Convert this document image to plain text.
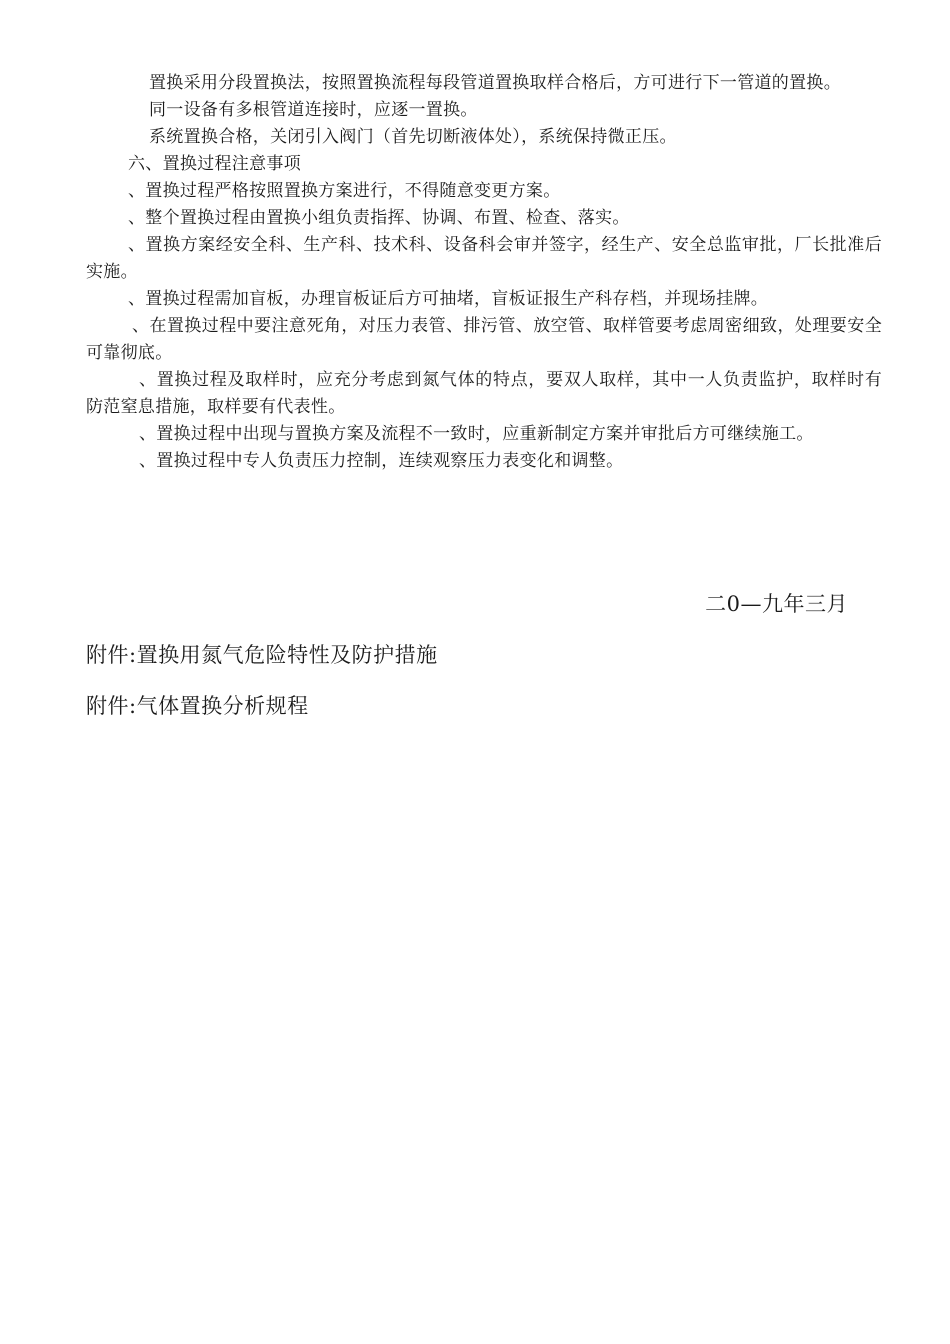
置换采用分段置换法，按照置换流程每段管道置换取样合格后，方可进行下一管道的置换。

同一设备有多根管道连接时，应逐一置换。

系统置换合格，关闭引入阀门（首先切断液体处），系统保持微正压。

六、置换过程注意事项

、置换过程严格按照置换方案进行，不得随意变更方案。

、整个置换过程由置换小组负责指挥、协调、布置、检查、落实。

、置换方案经安全科、生产科、技术科、设备科会审并签字，经生产、安全总监审批，厂长批准后实施。

、置换过程需加盲板，办理盲板证后方可抽堵，盲板证报生产科存档，并现场挂牌。

、在置换过程中要注意死角，对压力表管、排污管、放空管、取样管要考虑周密细致，处理要安全可靠彻底。

、置换过程及取样时，应充分考虑到氮气体的特点，要双人取样，其中一人负责监护，取样时有防范窒息措施，取样要有代表性。

、置换过程中出现与置换方案及流程不一致时，应重新制定方案并审批后方可继续施工。

、置换过程中专人负责压力控制，连续观察压力表变化和调整。

二0—九年三月
附件:置换用氮气危险特性及防护措施
附件:气体置换分析规程
